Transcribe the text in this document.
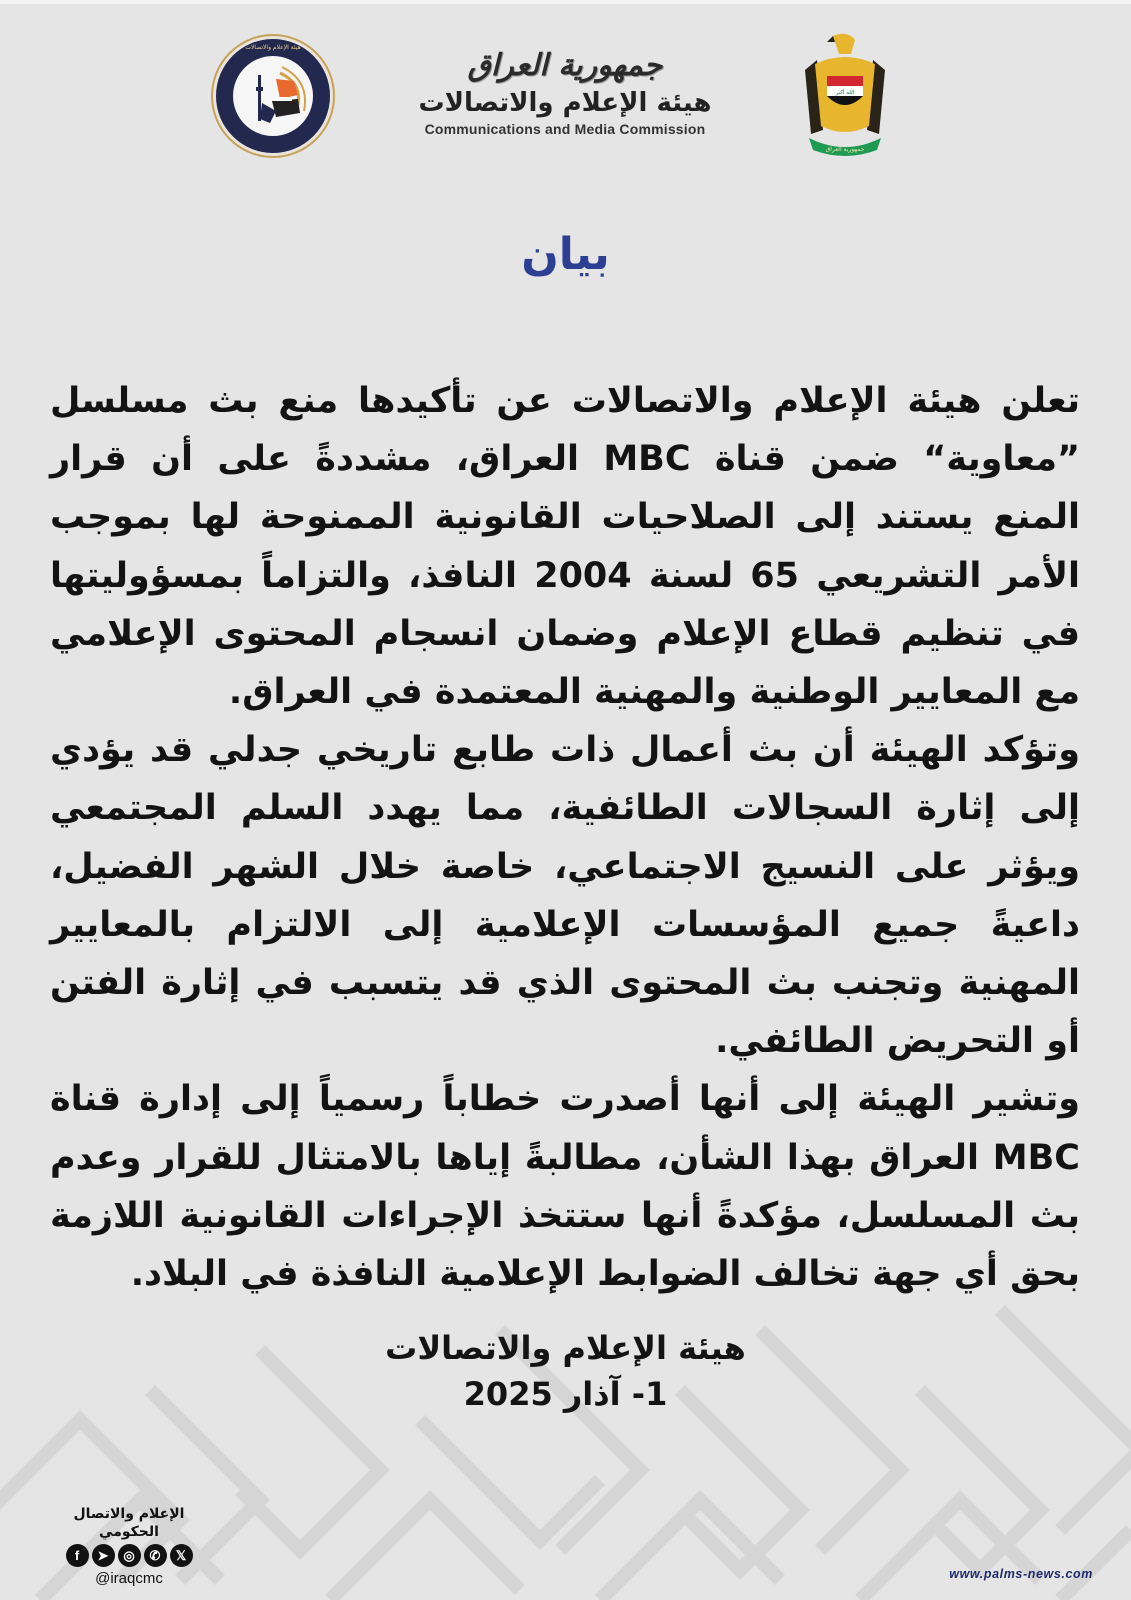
هيئة الإعلام والاتصالات
جمهورية العراق
هيئة الإعلام والاتصالات
Communications and Media Commission
الله أكبر
جمهورية العراق
بيان

تعلن هيئة الإعلام والاتصالات عن تأكيدها منع بث مسلسل ”معاوية“ ضمن قناة MBC العراق، مشددةً على أن قرار المنع يستند إلى الصلاحيات القانونية الممنوحة لها بموجب الأمر التشريعي 65 لسنة 2004 النافذ، والتزاماً بمسؤوليتها في تنظيم قطاع الإعلام وضمان انسجام المحتوى الإعلامي مع المعايير الوطنية والمهنية المعتمدة في العراق.

وتؤكد الهيئة أن بث أعمال ذات طابع تاريخي جدلي قد يؤدي إلى إثارة السجالات الطائفية، مما يهدد السلم المجتمعي ويؤثر على النسيج الاجتماعي، خاصة خلال الشهر الفضيل، داعيةً جميع المؤسسات الإعلامية إلى الالتزام بالمعايير المهنية وتجنب بث المحتوى الذي قد يتسبب في إثارة الفتن أو التحريض الطائفي.

وتشير الهيئة إلى أنها أصدرت خطاباً رسمياً إلى إدارة قناة MBC العراق بهذا الشأن، مطالبةً إياها بالامتثال للقرار وعدم بث المسلسل، مؤكدةً أنها ستتخذ الإجراءات القانونية اللازمة بحق أي جهة تخالف الضوابط الإعلامية النافذة في البلاد.

هيئة الإعلام والاتصالات
1- آذار 2025
الإعلام والاتصال الحكومي
f	➤	◎	✆	𝕏
@iraqcmc	www.palms-news.com
